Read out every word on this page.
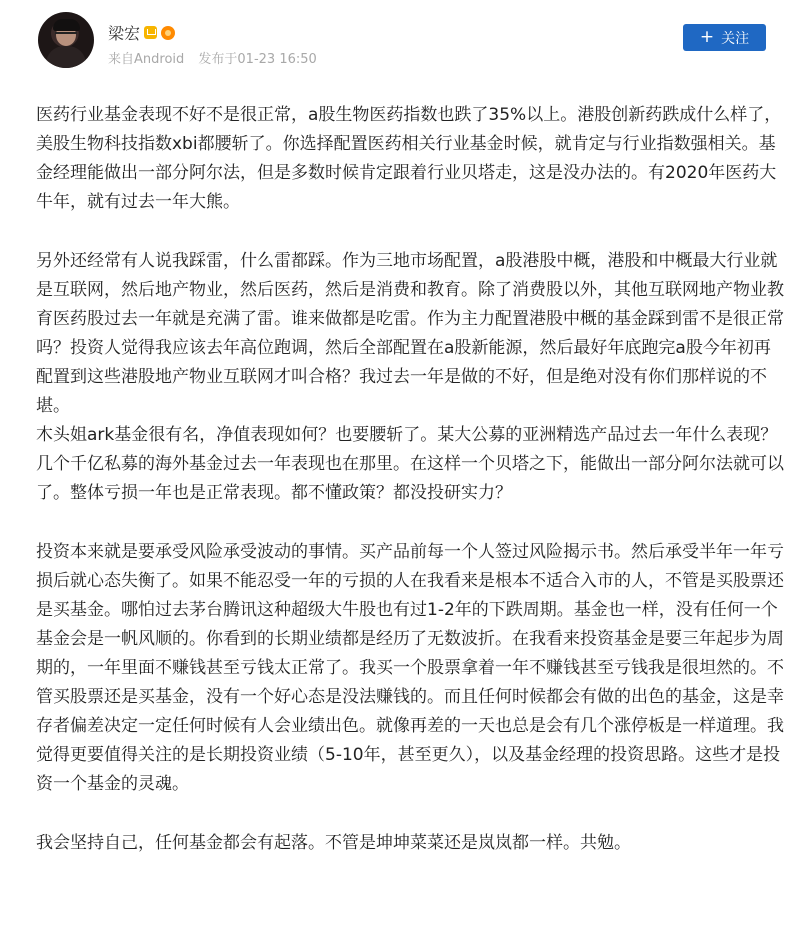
梁宏
来自Android 发布于01-23 16:50
+ 关注

医药行业基金表现不好不是很正常，a股生物医药指数也跌了35%以上。港股创新药跌成什么样了，美股生物科技指数xbi都腰斩了。你选择配置医药相关行业基金时候，就肯定与行业指数强相关。基金经理能做出一部分阿尔法，但是多数时候肯定跟着行业贝塔走，这是没办法的。有2020年医药大牛年，就有过去一年大熊。

另外还经常有人说我踩雷，什么雷都踩。作为三地市场配置，a股港股中概，港股和中概最大行业就是互联网，然后地产物业，然后医药，然后是消费和教育。除了消费股以外，其他互联网地产物业教育医药股过去一年就是充满了雷。谁来做都是吃雷。作为主力配置港股中概的基金踩到雷不是很正常吗？投资人觉得我应该去年高位跑调，然后全部配置在a股新能源，然后最好年底跑完a股今年初再配置到这些港股地产物业互联网才叫合格？我过去一年是做的不好，但是绝对没有你们那样说的不堪。

木头姐ark基金很有名，净值表现如何？也要腰斩了。某大公募的亚洲精选产品过去一年什么表现？几个千亿私募的海外基金过去一年表现也在那里。在这样一个贝塔之下，能做出一部分阿尔法就可以了。整体亏损一年也是正常表现。都不懂政策？都没投研实力？

投资本来就是要承受风险承受波动的事情。买产品前每一个人签过风险揭示书。然后承受半年一年亏损后就心态失衡了。如果不能忍受一年的亏损的人在我看来是根本不适合入市的人，不管是买股票还是买基金。哪怕过去茅台腾讯这种超级大牛股也有过1-2年的下跌周期。基金也一样，没有任何一个基金会是一帆风顺的。你看到的长期业绩都是经历了无数波折。在我看来投资基金是要三年起步为周期的，一年里面不赚钱甚至亏钱太正常了。我买一个股票拿着一年不赚钱甚至亏钱我是很坦然的。不管买股票还是买基金，没有一个好心态是没法赚钱的。而且任何时候都会有做的出色的基金，这是幸存者偏差决定一定任何时候有人会业绩出色。就像再差的一天也总是会有几个涨停板是一样道理。我觉得更要值得关注的是长期投资业绩（5-10年，甚至更久），以及基金经理的投资思路。这些才是投资一个基金的灵魂。

我会坚持自己，任何基金都会有起落。不管是坤坤菜菜还是岚岚都一样。共勉。
